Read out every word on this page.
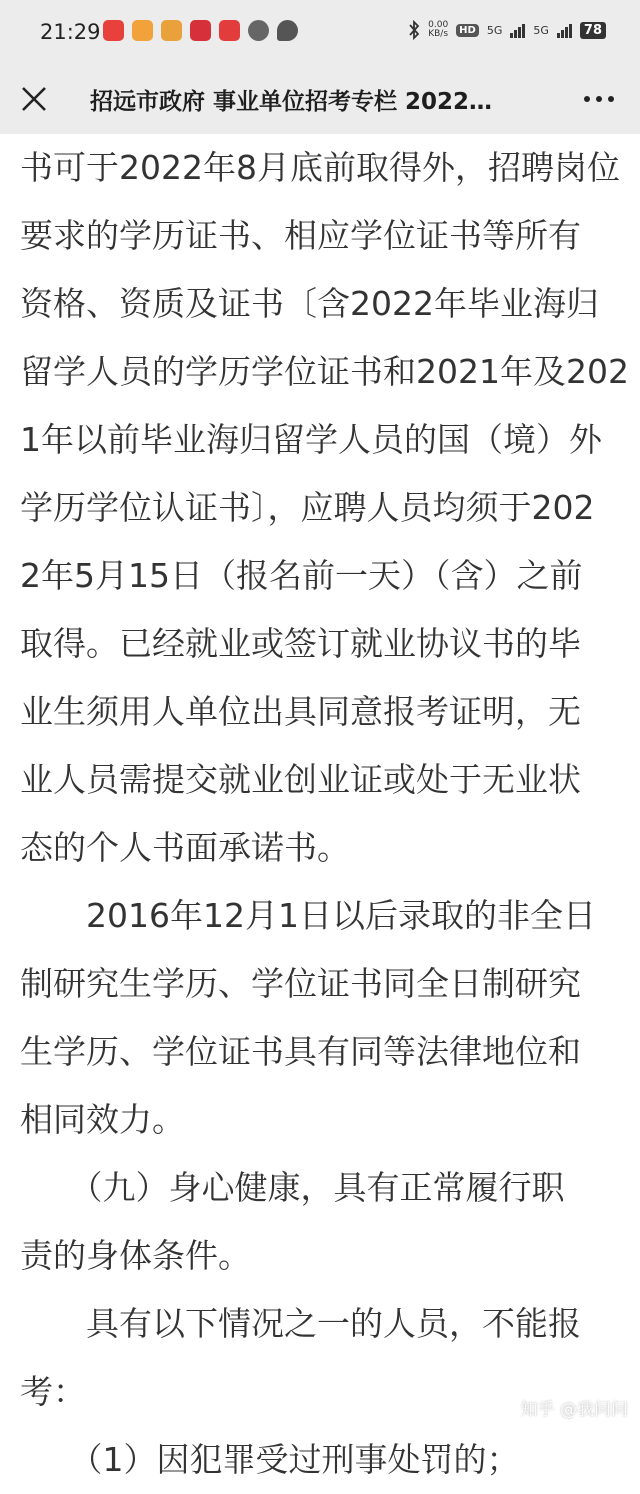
21:29	0.00
KB/s	HD 5G	5G	78
招远市政府 事业单位招考专栏 2022…
书可于2022年8月底前取得外，招聘岗位
要求的学历证书、相应学位证书等所有
资格、资质及证书〔含2022年毕业海归
留学人员的学历学位证书和2021年及202
1年以前毕业海归留学人员的国（境）外
学历学位认证书〕，应聘人员均须于202
2年5月15日（报名前一天）（含）之前
取得。已经就业或签订就业协议书的毕
业生须用人单位出具同意报考证明，无
业人员需提交就业创业证或处于无业状
态的个人书面承诺书。
　　2016年12月1日以后录取的非全日
制研究生学历、学位证书同全日制研究
生学历、学位证书具有同等法律地位和
相同效力。
　　（九）身心健康，具有正常履行职
责的身体条件。
　　具有以下情况之一的人员，不能报
考：
　　（1）因犯罪受过刑事处罚的；
知乎 @我问问
